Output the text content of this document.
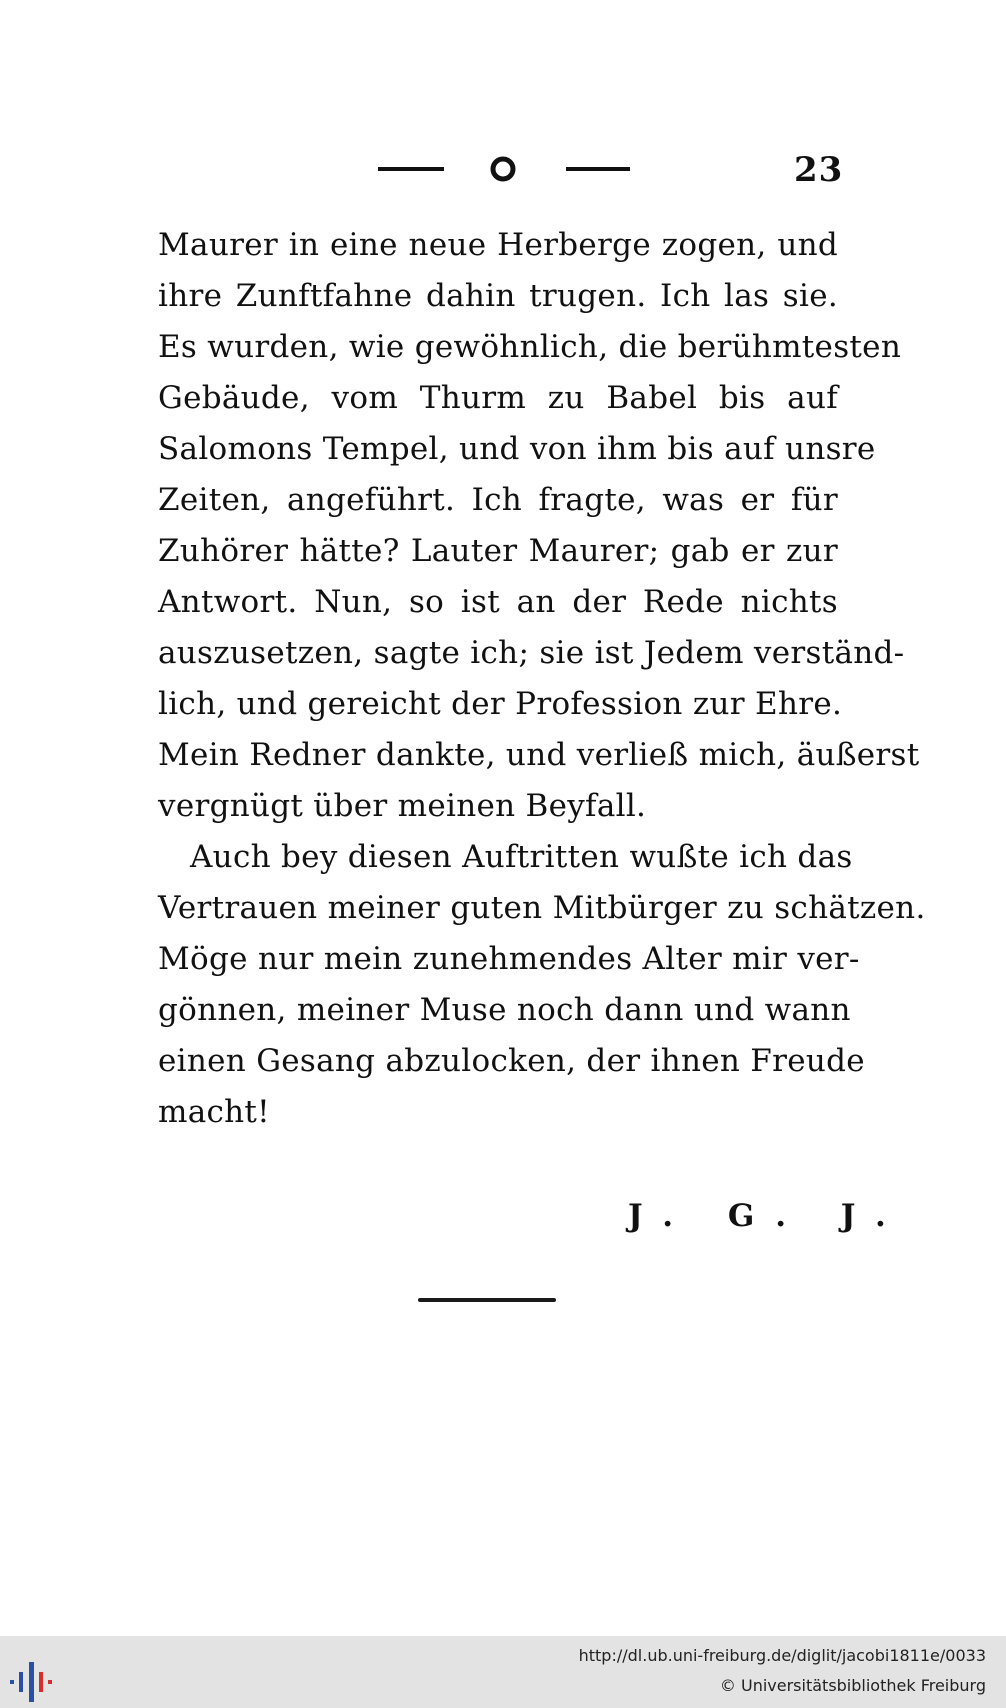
23
Maurer in eine neue Herberge zogen, und
ihre Zunftfahne dahin trugen. Ich las sie.
Es wurden, wie gewöhnlich, die berühmtesten
Gebäude, vom Thurm zu Babel bis auf
Salomons Tempel, und von ihm bis auf unsre
Zeiten, angeführt. Ich fragte, was er für
Zuhörer hätte? Lauter Maurer; gab er zur
Antwort. Nun, so ist an der Rede nichts
auszusetzen, sagte ich; sie ist Jedem verständ-
lich, und gereicht der Profession zur Ehre.
Mein Redner dankte, und verließ mich, äußerst
vergnügt über meinen Beyfall.
Auch bey diesen Auftritten wußte ich das
Vertrauen meiner guten Mitbürger zu schätzen.
Möge nur mein zunehmendes Alter mir ver-
gönnen, meiner Muse noch dann und wann
einen Gesang abzulocken, der ihnen Freude
macht!
J. G. J.
http://dl.ub.uni-freiburg.de/diglit/jacobi1811e/0033
© Universitätsbibliothek Freiburg
